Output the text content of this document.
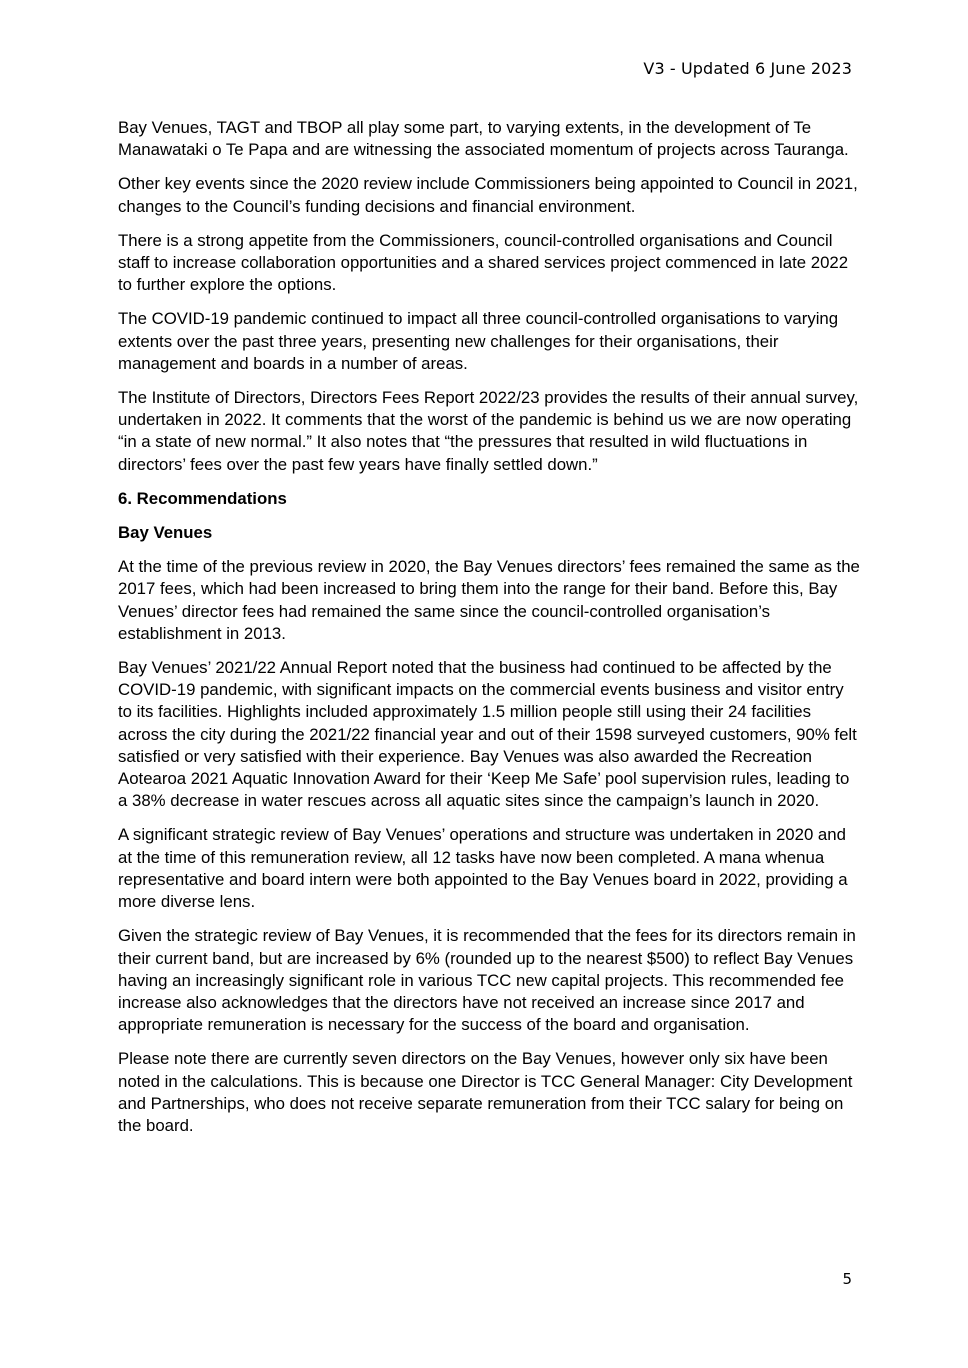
V3 - Updated 6 June 2023

Bay Venues, TAGT and TBOP all play some part, to varying extents, in the development of Te Manawataki o Te Papa and are witnessing the associated momentum of projects across Tauranga.

Other key events since the 2020 review include Commissioners being appointed to Council in 2021, changes to the Council’s funding decisions and financial environment.

There is a strong appetite from the Commissioners, council-controlled organisations and Council staff to increase collaboration opportunities and a shared services project commenced in late 2022 to further explore the options.

The COVID-19 pandemic continued to impact all three council-controlled organisations to varying extents over the past three years, presenting new challenges for their organisations, their management and boards in a number of areas.

The Institute of Directors, Directors Fees Report 2022/23 provides the results of their annual survey, undertaken in 2022. It comments that the worst of the pandemic is behind us we are now operating “in a state of new normal.” It also notes that “the pressures that resulted in wild fluctuations in directors’ fees over the past few years have finally settled down.”

6. Recommendations
Bay Venues

At the time of the previous review in 2020, the Bay Venues directors’ fees remained the same as the 2017 fees, which had been increased to bring them into the range for their band. Before this, Bay Venues’ director fees had remained the same since the council-controlled organisation’s establishment in 2013.

Bay Venues’ 2021/22 Annual Report noted that the business had continued to be affected by the COVID-19 pandemic, with significant impacts on the commercial events business and visitor entry to its facilities. Highlights included approximately 1.5 million people still using their 24 facilities across the city during the 2021/22 financial year and out of their 1598 surveyed customers, 90% felt satisfied or very satisfied with their experience. Bay Venues was also awarded the Recreation Aotearoa 2021 Aquatic Innovation Award for their ‘Keep Me Safe’ pool supervision rules, leading to a 38% decrease in water rescues across all aquatic sites since the campaign’s launch in 2020.

A significant strategic review of Bay Venues’ operations and structure was undertaken in 2020 and at the time of this remuneration review, all 12 tasks have now been completed. A mana whenua representative and board intern were both appointed to the Bay Venues board in 2022, providing a more diverse lens.

Given the strategic review of Bay Venues, it is recommended that the fees for its directors remain in their current band, but are increased by 6% (rounded up to the nearest $500) to reflect Bay Venues having an increasingly significant role in various TCC new capital projects. This recommended fee increase also acknowledges that the directors have not received an increase since 2017 and appropriate remuneration is necessary for the success of the board and organisation.

Please note there are currently seven directors on the Bay Venues, however only six have been noted in the calculations. This is because one Director is TCC General Manager: City Development and Partnerships, who does not receive separate remuneration from their TCC salary for being on the board.

5
